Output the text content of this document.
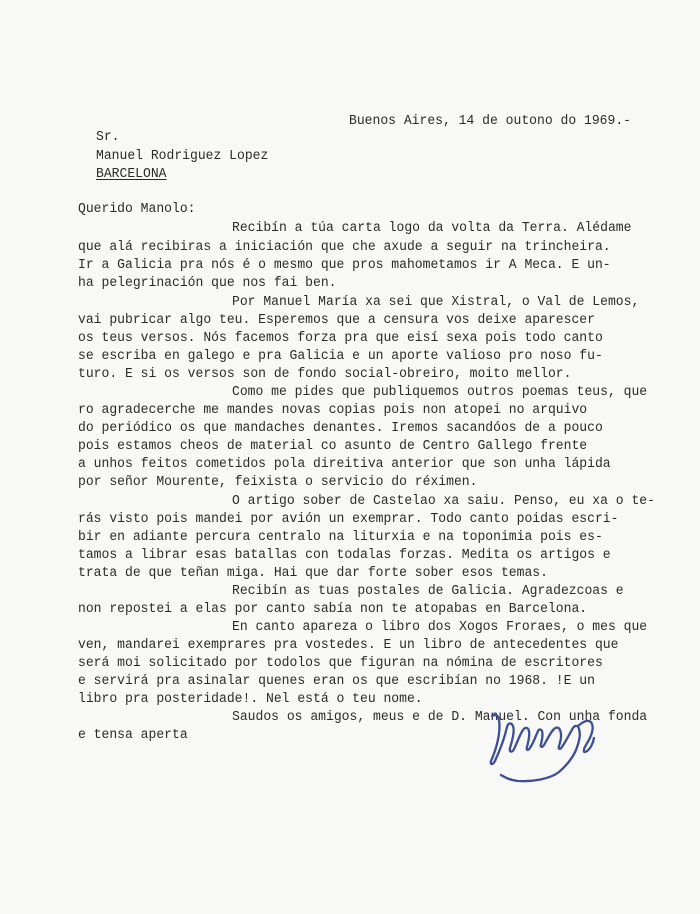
Buenos Aires, 14 de outono do 1969.-
Sr.
Manuel Rodriguez Lopez
BARCELONA
Querido Manolo:
Recibín a túa carta logo da volta da Terra. Alédame
que alá recibiras a iniciación que che axude a seguir na trincheira.
Ir a Galicia pra nós é o mesmo que pros mahometamos ir A Meca. E un-
ha pelegrinación que nos fai ben.
Por Manuel María xa sei que Xistral, o Val de Lemos,
vai pubricar algo teu. Esperemos que a censura vos deixe aparescer
os teus versos. Nós facemos forza pra que eisí sexa pois todo canto
se escriba en galego e pra Galicia e un aporte valioso pro noso fu-
turo. E si os versos son de fondo social-obreiro, moito mellor.
Como me pides que publiquemos outros poemas teus, que
ro agradecerche me mandes novas copias pois non atopei no arquivo
do periódico os que mandaches denantes. Iremos sacandóos de a pouco
pois estamos cheos de material co asunto de Centro Gallego frente
a unhos feitos cometidos pola direitiva anterior que son unha lápida
por señor Mourente, feixista o servicio do réximen.
O artigo sober de Castelao xa saiu. Penso, eu xa o te-
rás visto pois mandei por avión un exemprar. Todo canto poidas escri-
bir en adiante percura centralo na liturxia e na toponimia pois es-
tamos a librar esas batallas con todalas forzas. Medita os artigos e
trata de que teñan miga. Hai que dar forte sober esos temas.
Recibín as tuas postales de Galicia. Agradezcoas e
non repostei a elas por canto sabía non te atopabas en Barcelona.
En canto apareza o libro dos Xogos Froraes, o mes que
ven, mandarei exemprares pra vostedes. E un libro de antecedentes que
será moi solicitado por todolos que figuran na nómina de escritores
e servirá pra asinalar quenes eran os que escribían no 1968. !E un
libro pra posteridade!. Nel está o teu nome.
Saudos os amigos, meus e de D. Manuel. Con unha fonda
e tensa aperta
